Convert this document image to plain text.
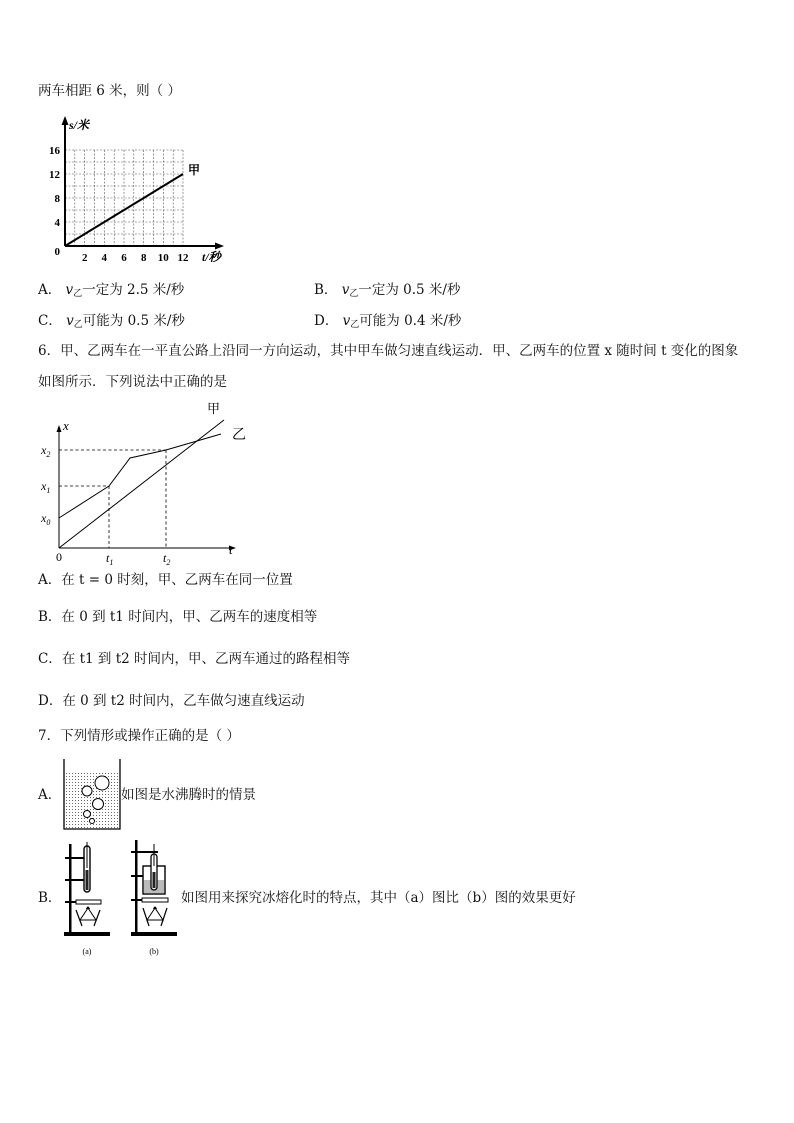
两车相距 6 米，则（ ）
s/米
甲
16
12
8
4
0 2 4 6 8 10 12 t/秒
A． $v_乙$一定为 2.5 米/秒	B． $v_乙$一定为 0.5 米/秒
C． $v_乙$可能为 0.5 米/秒	D． $v_乙$可能为 0.4 米/秒
6．甲、乙两车在一平直公路上沿同一方向运动，其中甲车做匀速直线运动．甲、乙两车的位置 x 随时间 t 变化的图象
如图所示．下列说法中正确的是
甲
乙
x
t
0
$x_2$
$x_1$
$x_0$
$t_1$	$t_2$
A．在 t = 0 时刻，甲、乙两车在同一位置
B．在 0 到 t1 时间内，甲、乙两车的速度相等
C．在 t1 到 t2 时间内，甲、乙两车通过的路程相等
D．在 0 到 t2 时间内，乙车做匀速直线运动
7．下列情形或操作正确的是（ ）
A．	如图是水沸腾时的情景
B．
(a)	(b)
如图用来探究冰熔化时的特点，其中（a）图比（b）图的效果更好
